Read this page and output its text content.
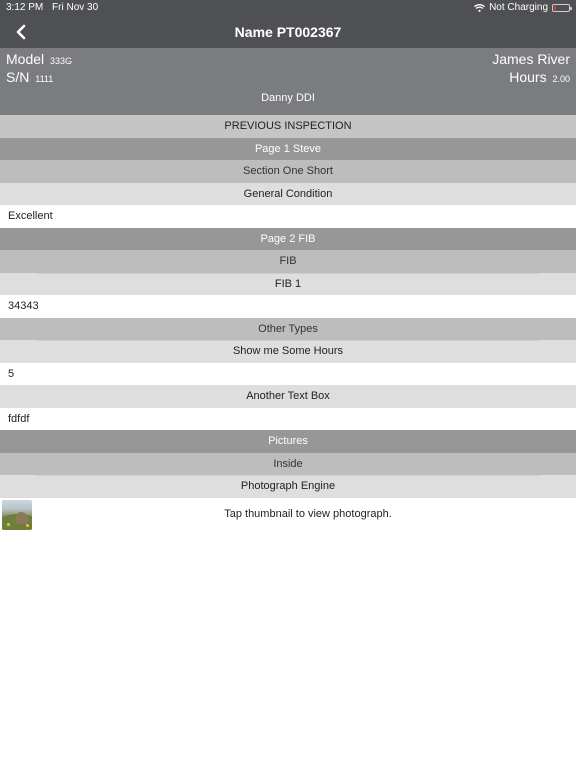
3:12 PM Fri Nov 30	Not Charging
Name PT002367
Model 333G	James River
S/N 1111	Hours 2.00
Danny DDI
PREVIOUS INSPECTION
Page 1 Steve
Section One Short
General Condition
Excellent
Page 2 FIB
FIB
FIB 1
34343
Other Types
Show me Some Hours
5
Another Text Box
fdfdf
Pictures
Inside
Photograph Engine
Tap thumbnail to view photograph.
